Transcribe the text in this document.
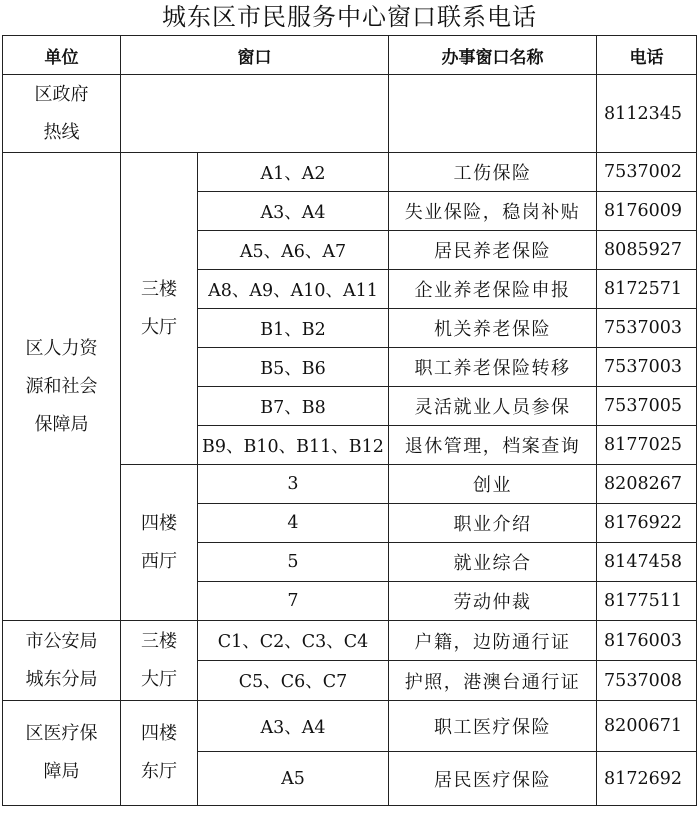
城东区市民服务中心窗口联系电话
单位	窗口		办事窗口名称	电话

区政府
热线				8112345

区人力资
源和社会
保障局	三楼
大厅	A1、A2	工伤保险	7537002
		A3、A4	失业保险，稳岗补贴	8176009
		A5、A6、A7	居民养老保险	8085927
		A8、A9、A10、A11	企业养老保险申报	8172571
		B1、B2	机关养老保险	7537003
		B5、B6	职工养老保险转移	7537003
		B7、B8	灵活就业人员参保	7537005
		B9、B10、B11、B12	退休管理，档案查询	8177025

	四楼
西厅	3	创业	8208267
		4	职业介绍	8176922
		5	就业综合	8147458
		7	劳动仲裁	8177511

市公安局
城东分局	三楼
大厅	C1、C2、C3、C4	户籍，边防通行证	8176003
		C5、C6、C7	护照，港澳台通行证	7537008

区医疗保
障局	四楼
东厅	A3、A4	职工医疗保险	8200671
		A5	居民医疗保险	8172692
